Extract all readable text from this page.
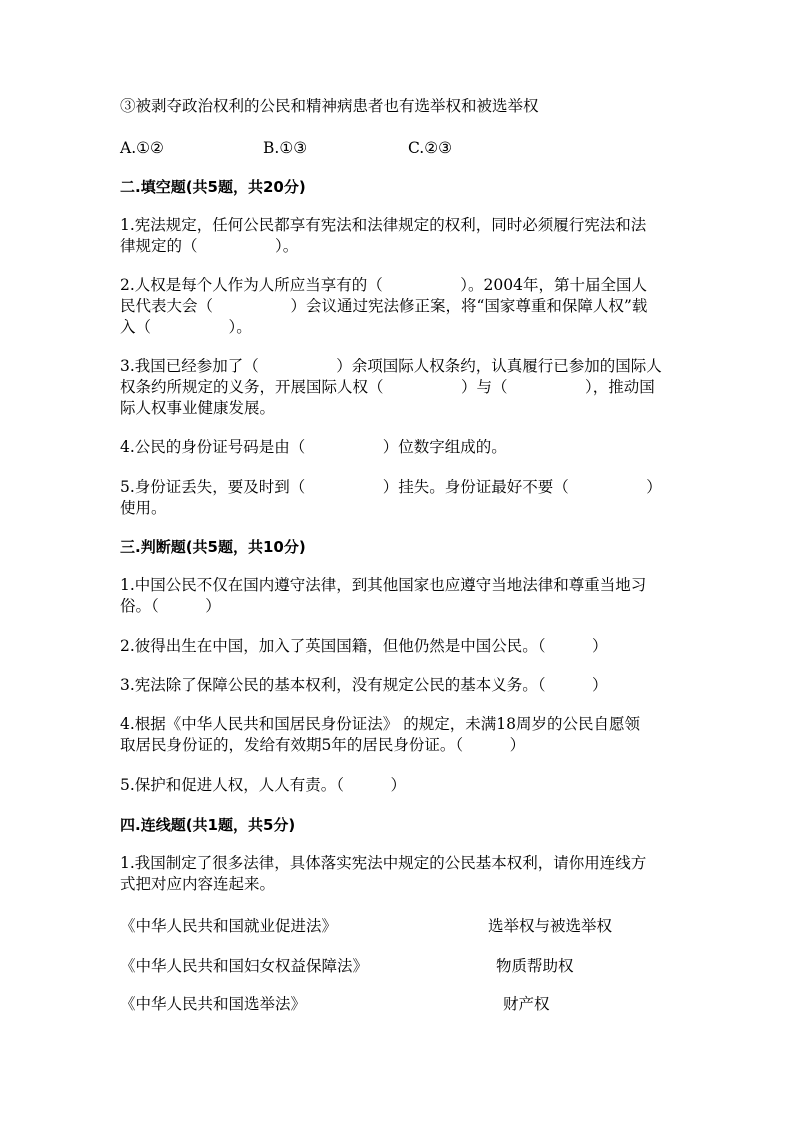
③被剥夺政治权利的公民和精神病患者也有选举权和被选举权
A.①②	B.①③	C.②③
二.填空题(共5题，共20分)
1.宪法规定，任何公民都享有宪法和法律规定的权利，同时必须履行宪法和法
律规定的（　　　　　）。
2.人权是每个人作为人所应当享有的（　　　　　）。2004年，第十届全国人
民代表大会（　　　　　）会议通过宪法修正案，将“国家尊重和保障人权”载
入（　　　　　）。
3.我国已经参加了（　　　　　）余项国际人权条约，认真履行已参加的国际人
权条约所规定的义务，开展国际人权（　　　　　）与（　　　　　），推动国
际人权事业健康发展。
4.公民的身份证号码是由（　　　　　）位数字组成的。
5.身份证丢失，要及时到（　　　　　）挂失。身份证最好不要（　　　　　）
使用。
三.判断题(共5题，共10分)
1.中国公民不仅在国内遵守法律，到其他国家也应遵守当地法律和尊重当地习
俗。（　　　）
2.彼得出生在中国，加入了英国国籍，但他仍然是中国公民。（　　　）
3.宪法除了保障公民的基本权利，没有规定公民的基本义务。（　　　）
4.根据《中华人民共和国居民身份证法》 的规定，未满18周岁的公民自愿领
取居民身份证的，发给有效期5年的居民身份证。（　　　）
5.保护和促进人权，人人有责。（　　　）
四.连线题(共1题，共5分)
1.我国制定了很多法律，具体落实宪法中规定的公民基本权利，请你用连线方
式把对应内容连起来。
《中华人民共和国就业促进法》	选举权与被选举权
《中华人民共和国妇女权益保障法》	物质帮助权
《中华人民共和国选举法》	财产权
